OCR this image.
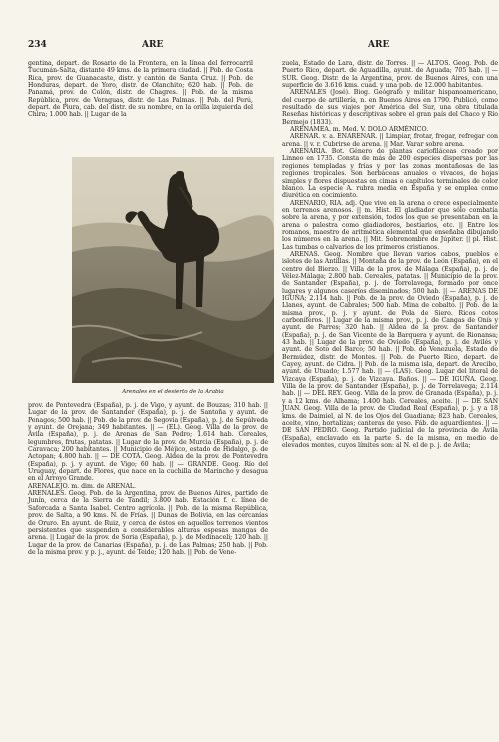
234	ARE	ARE

gentina, depart. de Rosario de la Frontera, en la línea del ferrocarril Tucumán-Salta, distante 49 kms. de la primera ciudad. || Pob. de Costa Rica, prov. de Guanacaste, distr. y cantón de Santa Cruz. || Pob. de Honduras, depart. de Yoro, distr. de Olanchito; 620 hab. || Pob. de Panamá, prov. de Colón, distr. de Chagres. || Pob. de la misma República, prov. de Veraguas, distr. de Las Palmas. || Pob. del Perú, depart. de Piura, cab. del distr. de su nombre, en la orilla izquierda del Chira; 1.000 hab. || Lugar de la

Arenales en el desierto de la Arabia

prov. de Pontevedra (España), p. j. de Vigo, y ayunt. de Bouzas; 310 hab. || Lugar de la prov. de Santander (España), p. j. de Santoña y ayunt. de Penagos; 500 hab. || Pob. de la prov. de Segovia (España), p. j. de Sepúlveda y ayunt. de Orejana; 349 habitantes. || — (EL). Geog. Villa de la prov. de Ávila (España), p. j. de Arenas de San Pedro; 1.614 hab. Cereales, legumbres, frutas, patatas. || Lugar de la prov. de Murcia (España), p. j. de Caravaca; 200 habitantes. || Municipio de Méjico, estado de Hidalgo, p. de Actopan; 4.800 hab. || — DE COTÁ. Geog. Aldea de la prov. de Pontevedra (España), p. j. y ayunt. de Vigo; 60 hab. || — GRANDE. Geog. Río del Uruguay, depart. de Flores, que nace en la cuchilla de Marincho y desagua en el Arroyo Grande.

ARENALEJO. m. dim. de ARENAL.

ARENALES. Geog. Pob. de la Argentina, prov. de Buenos Aires, partido de Junín, cerca de la Sierra de Tandil; 3.800 hab. Estación f. c. línea de Saforcada a Santa Isabel. Centro agrícola. || Pob. de la misma República, prov. de Salta, a 90 kms. N. de Frías. || Dunas de Bolivia, en las cercanías de Oruro. En ayunt. de Ruiz, y cerca de éstos en aquellos terrenos vientos persistentes que suspenden a considerables alturas espesas mangas de arena. || Lugar de la prov. de Soria (España), p. j. de Medinaceli; 120 hab. || Lugar de la prov. de Canarias (España), p. j. de Las Palmas; 250 hab. || Pob. de la misma prov. y p. j., ayunt. de Teide; 120 hab. || Pob. de Vene-

zuela, Estado de Lara, distr. de Torres. || — ALTOS. Geog. Pob. de Puerto Rico, depart. de Aguadilla, ayunt. de Aguada; 705 hab. || — SUR. Geog. Distr. de la Argentina, prov. de Buenos Aires, con una superficie de 3.616 kms. cuad. y una pob. de 12.000 habitantes.

ARENALES (José). Biog. Geógrafo y militar hispanoamericano, del cuerpo de artillería, n. en Buenos Aires en 1790. Publicó, como resultado de sus viajes por América del Sur, una obra titulada Reseñas históricas y descriptivas sobre el gran país del Chaco y Río Bermejo (1833).

ARENAMEA. m. Med. V. DOLO ARMÉNICO.

ARENAR. v. a. ENARENAR. || Limpiar, frotar, fregar, refregar con arena. || v. r. Cubrirse de arena. || Mar. Varar sobre arena.

ARENARIA. Bot. Género de plantas cariofiláceas creado por Linneo en 1735. Consta de más de 200 especies dispersas por las regiones templadas y frías y por las zonas montañosas de las regiones tropicales. Son herbáceas anuales o vivaces, de hojas simples y flores dispuestas en cimas o capítulos terminales de color blanco. La especie A. rubra media en España y se emplea como diurética en cocimiento.

ARENARIO, RIA. adj. Que vive en la arena o crece especialmente en terrenos arenosos. || m. Hist. El gladiador que sólo combatía sobre la arena, y por extensión, todos los que se presentaban en la arena o palestra como gladiadores, bestiarios, etc. || Entre los romanos, maestro de aritmética elemental que enseñaba dibujando los números en la arena. || Mit. Sobrenombre de Júpiter. || pl. Hist. Las tumbas o calvarios de los primeros cristianos.

ARENAS. Geog. Nombre que llevan varios cabos, pueblos e islotes de las Antillas. || Montaña de la prov. de León (España), en el centro del Bierzo. || Villa de la prov. de Málaga (España), p. j. de Vélez-Málaga; 2.800 hab. Cereales, patatas. || Municipio de la prov. de Santander (España), p. j. de Torrelavega, formado por once lugares y algunos caseríos diseminados; 500 hab. || — ARENAS DE IGUÑA; 2.114 hab. || Pob. de la prov. de Oviedo (España), p. j. de Llanes, ayunt. de Cabrales; 500 hab. Mina de cobalto. || Pob. de la misma prov., p. j. y ayunt. de Pola de Siero. Ricos cotos carboníferos. || Lugar de la misma prov., p. j. de Cangas de Onís y ayunt. de Parres; 320 hab. || Aldea de la prov. de Santander (España), p. j. de San Vicente de la Barquera y ayunt. de Rionansa; 43 hab. || Lugar de la prov. de Oviedo (España), p. j. de Avilés y ayunt. de Soto del Barco; 50 hab. || Pob. de Venezuela, Estado de Bermúdez, distr. de Montes. || Pob. de Puerto Rico, depart. de Cayey, ayunt. de Cidra. || Pob. de la misma isla, depart. de Arecibo, ayunt. de Utuado; 1.577 hab. || — (LAS). Geog. Lugar del litoral de Vizcaya (España), p. j. de Vizcaya. Baños. || — DE IGUÑA. Geog. Villa de la prov. de Santander (España), p. j. de Torrelavega; 2.114 hab. || — DEL REY. Geog. Villa de la prov. de Granada (España), p. j. y a 12 kms. de Alhama; 1.400 hab. Cereales, aceite. || — DE SAN JUAN. Geog. Villa de la prov. de Ciudad Real (España), p. j. y a 18 kms. de Daimiel, al N. de los Ojos del Guadiana; 823 hab. Cereales, aceite, vino, hortalizas; canteras de yeso. Fáb. de aguardientes. || — DE SAN PEDRO. Geog. Partido judicial de la provincia de Ávila (España), enclavado en la parte S. de la misma, en medio de elevados montes, cuyos límites son: al N. el de p. j. de Ávila;
